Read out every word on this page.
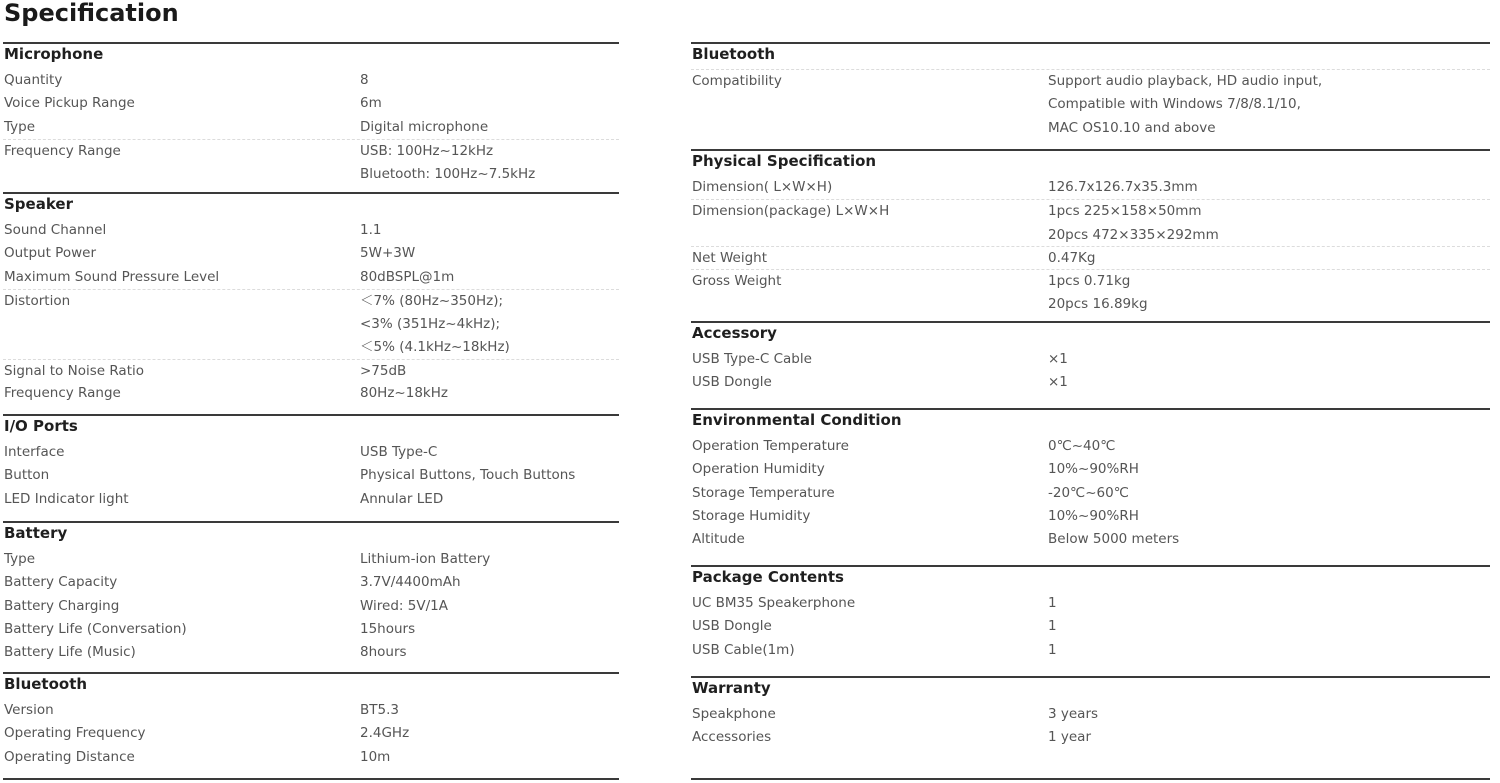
Specification
Microphone
Quantity	8
Voice Pickup Range	6m
Type	Digital microphone
Frequency Range	USB: 100Hz~12kHz
Bluetooth: 100Hz~7.5kHz
Speaker
Sound Channel	1.1
Output Power	5W+3W
Maximum Sound Pressure Level	80dBSPL@1m
Distortion	＜7% (80Hz~350Hz);
<3% (351Hz~4kHz);
＜5% (4.1kHz~18kHz)
Signal to Noise Ratio	>75dB
Frequency Range	80Hz~18kHz
I/O Ports
Interface	USB Type-C
Button	Physical Buttons, Touch Buttons
LED Indicator light	Annular LED
Battery
Type	Lithium-ion Battery
Battery Capacity	3.7V/4400mAh
Battery Charging	Wired: 5V/1A
Battery Life (Conversation)	15hours
Battery Life (Music)	8hours
Bluetooth
Version	BT5.3
Operating Frequency	2.4GHz
Operating Distance	10m
Bluetooth
Compatibility	Support audio playback, HD audio input,
Compatible with Windows 7/8/8.1/10,
MAC OS10.10 and above
Physical Specification
Dimension( L×W×H)	126.7x126.7x35.3mm
Dimension(package) L×W×H	1pcs 225×158×50mm
20pcs 472×335×292mm
Net Weight	0.47Kg
Gross Weight	1pcs 0.71kg
20pcs 16.89kg
Accessory
USB Type-C Cable	×1
USB Dongle	×1
Environmental Condition
Operation Temperature	0℃~40℃
Operation Humidity	10%~90%RH
Storage Temperature	-20℃~60℃
Storage Humidity	10%~90%RH
Altitude	Below 5000 meters
Package Contents
UC BM35 Speakerphone	1
USB Dongle	1
USB Cable(1m)	1
Warranty
Speakphone	3 years
Accessories	1 year
